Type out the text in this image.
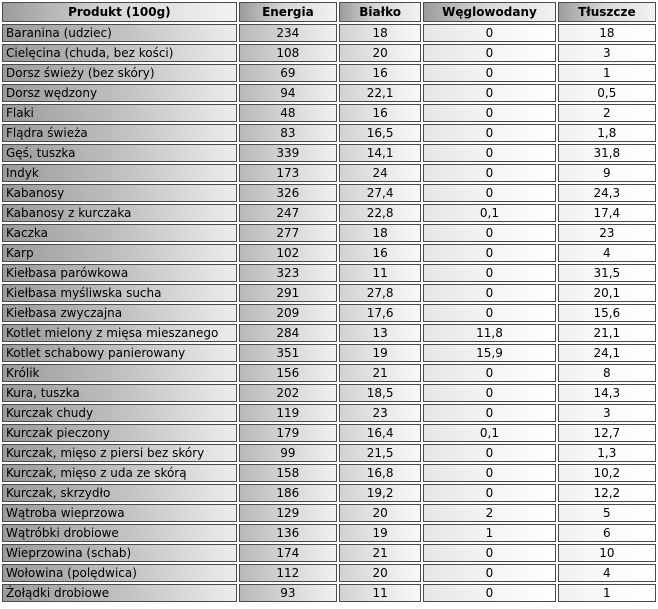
Produkt (100g)	Energia	Białko	Węglowodany	Tłuszcze
Baranina (udziec)	234	18	0	18
Cielęcina (chuda, bez kości)	108	20	0	3
Dorsz świeży (bez skóry)	69	16	0	1
Dorsz wędzony	94	22,1	0	0,5
Flaki	48	16	0	2
Flądra świeża	83	16,5	0	1,8
Gęś, tuszka	339	14,1	0	31,8
Indyk	173	24	0	9
Kabanosy	326	27,4	0	24,3
Kabanosy z kurczaka	247	22,8	0,1	17,4
Kaczka	277	18	0	23
Karp	102	16	0	4
Kiełbasa parówkowa	323	11	0	31,5
Kiełbasa myśliwska sucha	291	27,8	0	20,1
Kiełbasa zwyczajna	209	17,6	0	15,6
Kotlet mielony z mięsa mieszanego	284	13	11,8	21,1
Kotlet schabowy panierowany	351	19	15,9	24,1
Królik	156	21	0	8
Kura, tuszka	202	18,5	0	14,3
Kurczak chudy	119	23	0	3
Kurczak pieczony	179	16,4	0,1	12,7
Kurczak, mięso z piersi bez skóry	99	21,5	0	1,3
Kurczak, mięso z uda ze skórą	158	16,8	0	10,2
Kurczak, skrzydło	186	19,2	0	12,2
Wątroba wieprzowa	129	20	2	5
Wątróbki drobiowe	136	19	1	6
Wieprzowina (schab)	174	21	0	10
Wołowina (polędwica)	112	20	0	4
Żołądki drobiowe	93	11	0	1
